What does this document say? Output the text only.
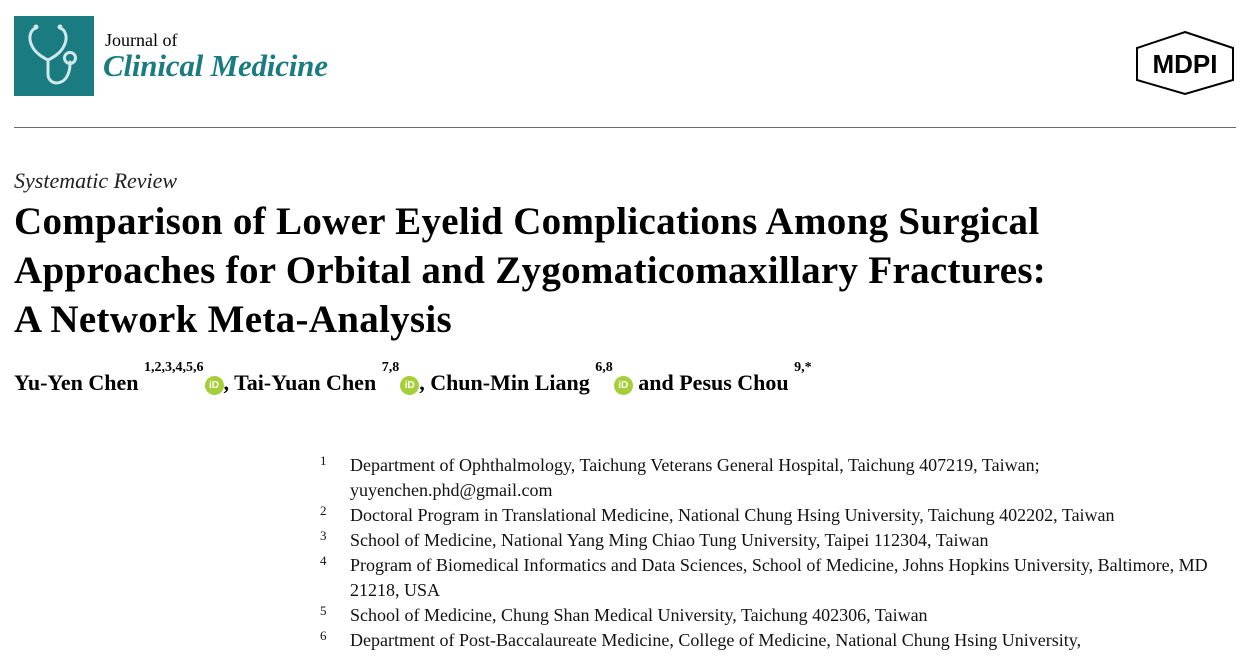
Journal of
Clinical Medicine	MDPI
Systematic Review
Comparison of Lower Eyelid Complications Among Surgical
Approaches for Orbital and Zygomaticomaxillary Fractures:
A Network Meta-Analysis
Yu-Yen Chen $^{1,2,3,4,5,6}$iD , Tai-Yuan Chen $^{7,8}$iD , Chun-Min Liang $^{6,8}$iD and Pesus Chou $^{9,*}$
1 Department of Ophthalmology, Taichung Veterans General Hospital, Taichung 407219, Taiwan; yuyenchen.phd@gmail.com
2 Doctoral Program in Translational Medicine, National Chung Hsing University, Taichung 402202, Taiwan
3 School of Medicine, National Yang Ming Chiao Tung University, Taipei 112304, Taiwan
4 Program of Biomedical Informatics and Data Sciences, School of Medicine, Johns Hopkins University, Baltimore, MD 21218, USA
5 School of Medicine, Chung Shan Medical University, Taichung 402306, Taiwan
6 Department of Post-Baccalaureate Medicine, College of Medicine, National Chung Hsing University,
